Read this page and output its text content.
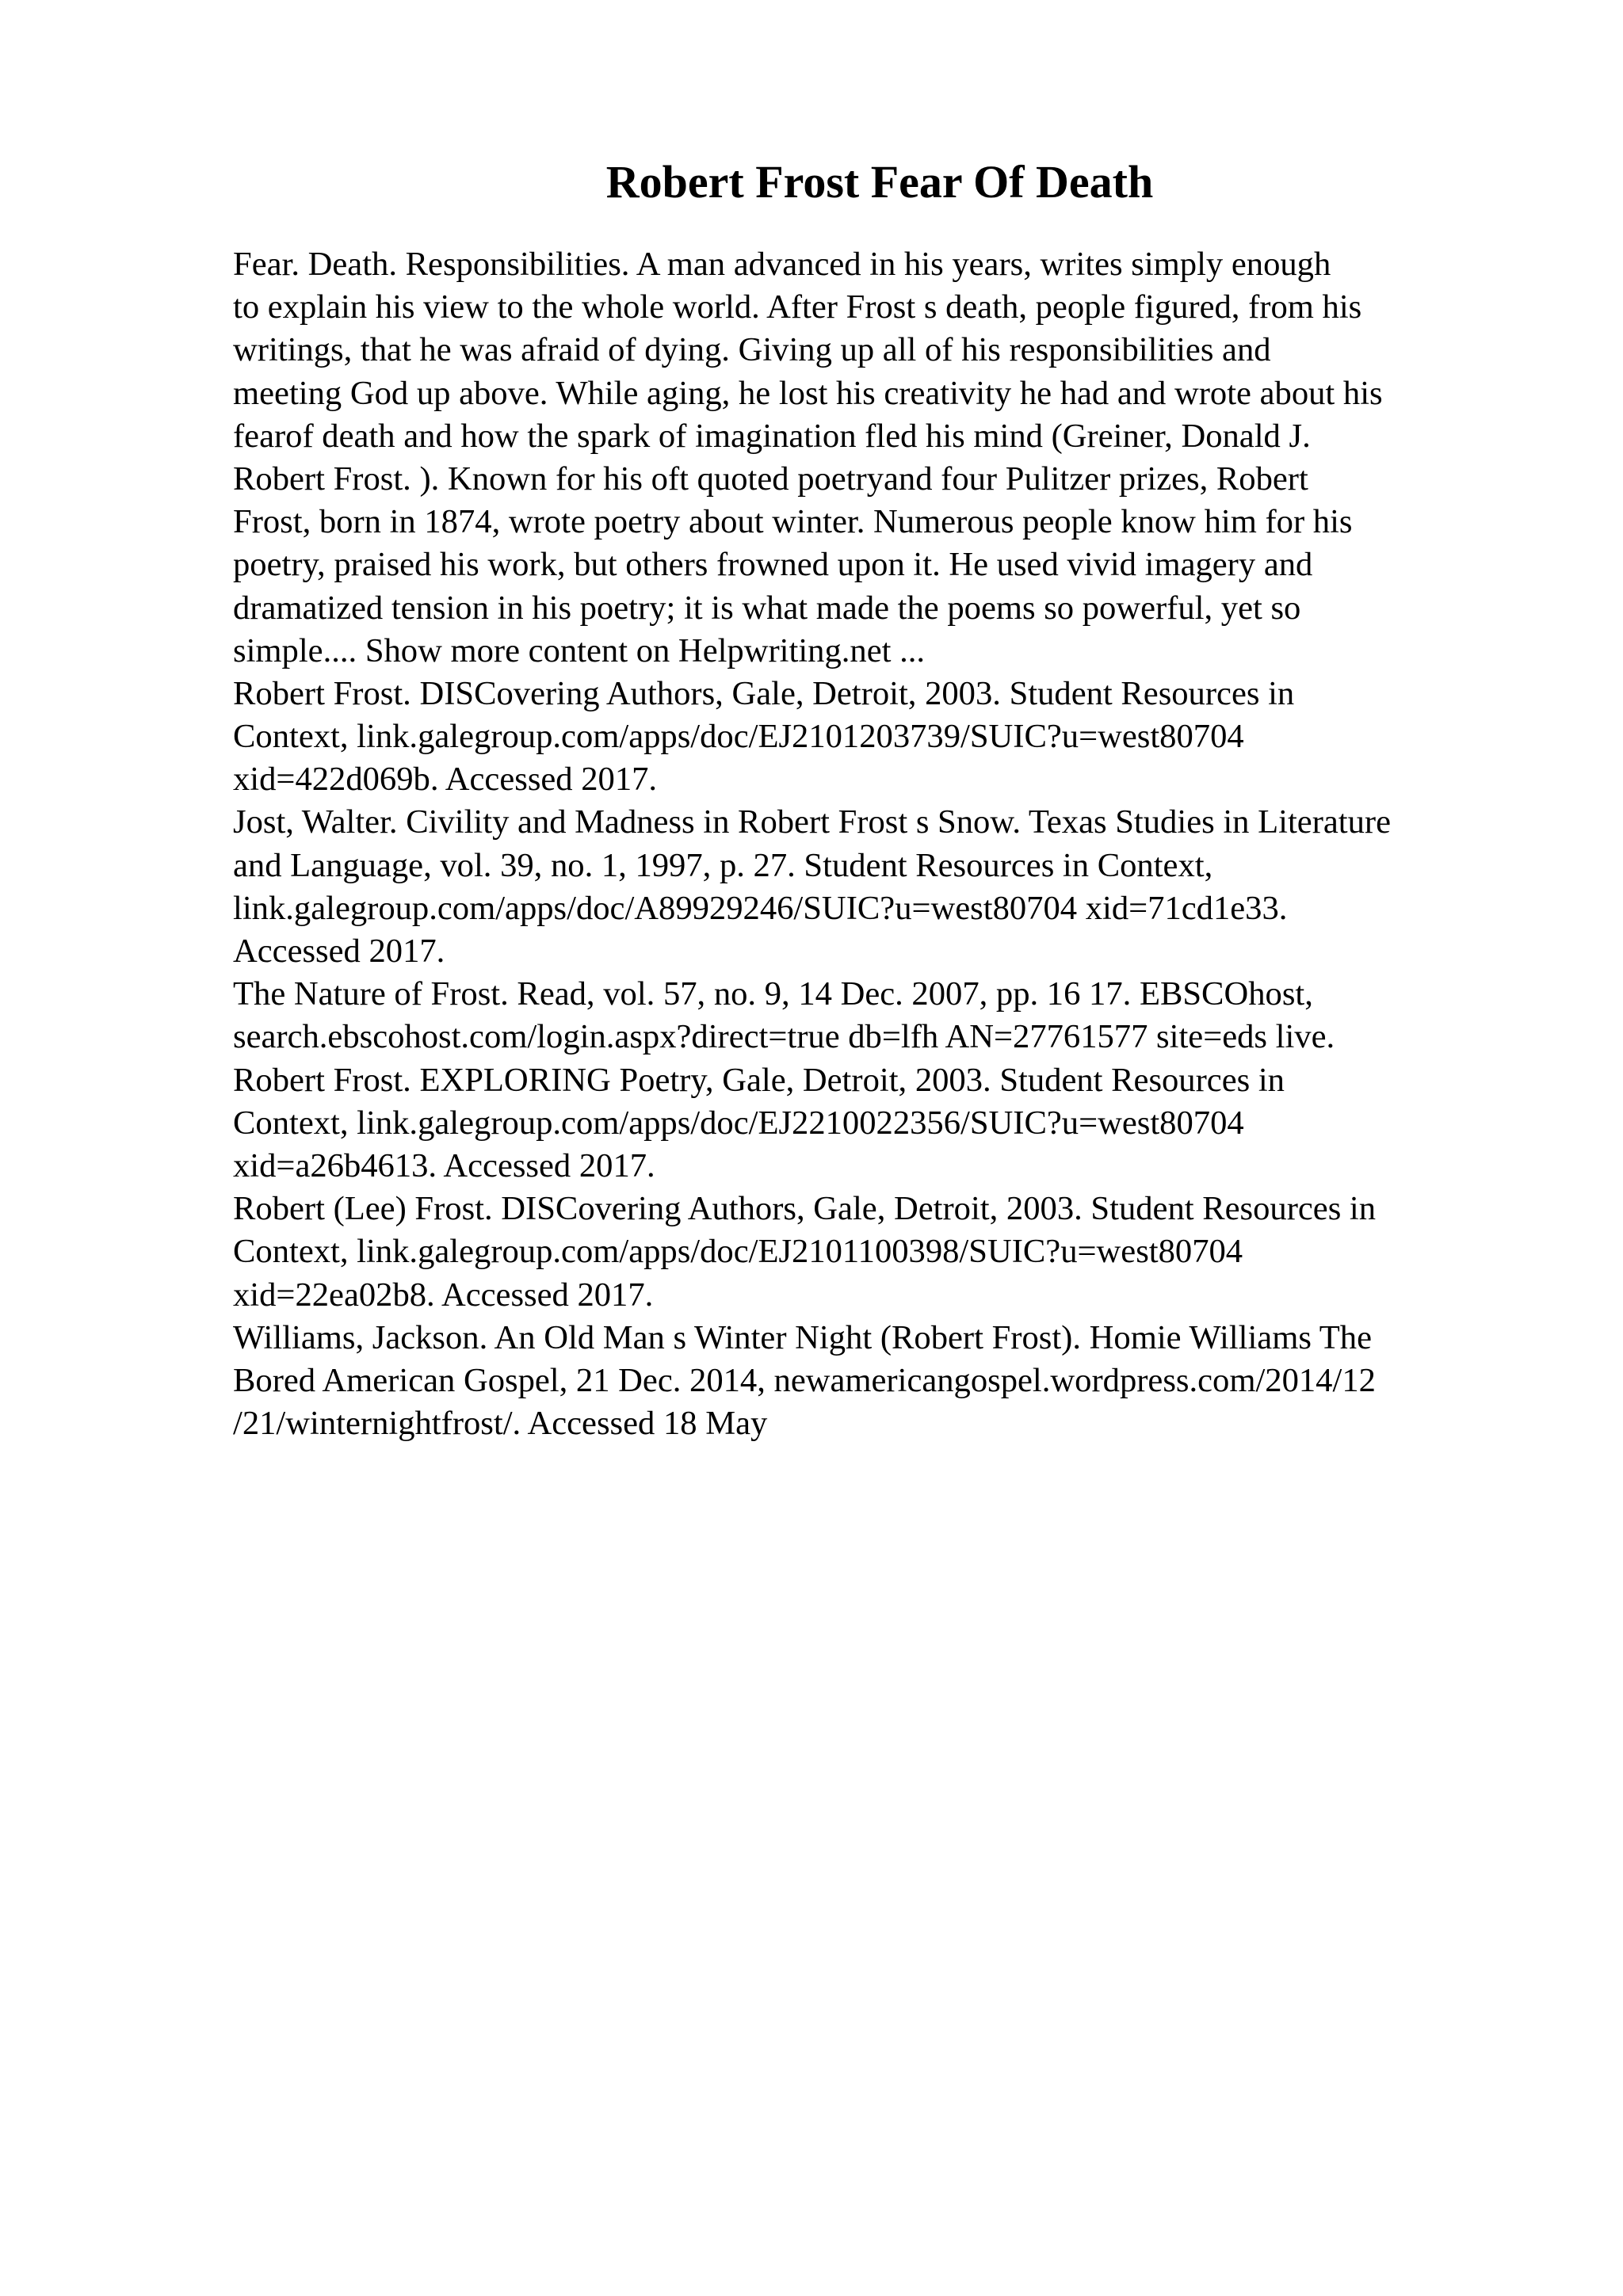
Robert Frost Fear Of Death
Fear. Death. Responsibilities. A man advanced in his years, writes simply enough
to explain his view to the whole world. After Frost s death, people figured, from his
writings, that he was afraid of dying. Giving up all of his responsibilities and
meeting God up above. While aging, he lost his creativity he had and wrote about his
fearof death and how the spark of imagination fled his mind (Greiner, Donald J.
Robert Frost. ). Known for his oft quoted poetryand four Pulitzer prizes, Robert
Frost, born in 1874, wrote poetry about winter. Numerous people know him for his
poetry, praised his work, but others frowned upon it. He used vivid imagery and
dramatized tension in his poetry; it is what made the poems so powerful, yet so
simple.... Show more content on Helpwriting.net ...
Robert Frost. DISCovering Authors, Gale, Detroit, 2003. Student Resources in
Context, link.galegroup.com/apps/doc/EJ2101203739/SUIC?u=west80704
xid=422d069b. Accessed 2017.
Jost, Walter. Civility and Madness in Robert Frost s Snow. Texas Studies in Literature
and Language, vol. 39, no. 1, 1997, p. 27. Student Resources in Context,
link.galegroup.com/apps/doc/A89929246/SUIC?u=west80704 xid=71cd1e33.
Accessed 2017.
The Nature of Frost. Read, vol. 57, no. 9, 14 Dec. 2007, pp. 16 17. EBSCOhost,
search.ebscohost.com/login.aspx?direct=true db=lfh AN=27761577 site=eds live.
Robert Frost. EXPLORING Poetry, Gale, Detroit, 2003. Student Resources in
Context, link.galegroup.com/apps/doc/EJ2210022356/SUIC?u=west80704
xid=a26b4613. Accessed 2017.
Robert (Lee) Frost. DISCovering Authors, Gale, Detroit, 2003. Student Resources in
Context, link.galegroup.com/apps/doc/EJ2101100398/SUIC?u=west80704
xid=22ea02b8. Accessed 2017.
Williams, Jackson. An Old Man s Winter Night (Robert Frost). Homie Williams The
Bored American Gospel, 21 Dec. 2014, newamericangospel.wordpress.com/2014/12
/21/winternightfrost/. Accessed 18 May
